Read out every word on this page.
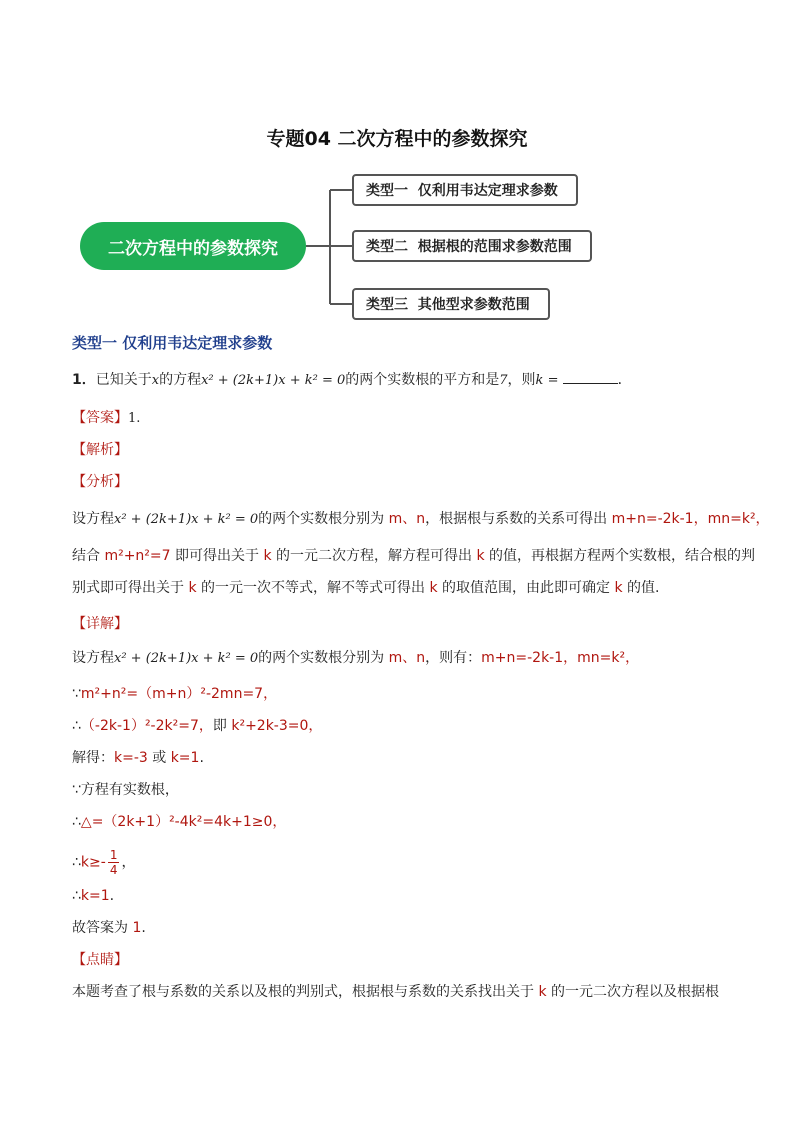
专题04 二次方程中的参数探究
二次方程中的参数探究
类型一  仅利用韦达定理求参数
类型二  根据根的范围求参数范围
类型三  其他型求参数范围
类型一 仅利用韦达定理求参数
1．已知关于x的方程x² + (2k+1)x + k² = 0的两个实数根的平方和是7，则k =	．
【答案】1.
【解析】
【分析】
设方程x² + (2k+1)x + k² = 0的两个实数根分别为 m、n，根据根与系数的关系可得出 m+n=-2k-1，mn=k²，
结合 m²+n²=7 即可得出关于 k 的一元二次方程，解方程可得出 k 的值，再根据方程两个实数根，结合根的判
别式即可得出关于 k 的一元一次不等式，解不等式可得出 k 的取值范围，由此即可确定 k 的值.
【详解】
设方程x² + (2k+1)x + k² = 0的两个实数根分别为 m、n，则有：m+n=-2k-1，mn=k²，
∵m²+n²=（m+n）²-2mn=7，
∴（-2k-1）²-2k²=7，即 k²+2k-3=0，
解得：k=-3 或 k=1.
∵方程有实数根，
∴△=（2k+1）²-4k²=4k+1≥0，
∴k≥- $\frac{1}{4}$ ，
∴k=1.
故答案为 1.
【点睛】
本题考查了根与系数的关系以及根的判别式，根据根与系数的关系找出关于 k 的一元二次方程以及根据根
